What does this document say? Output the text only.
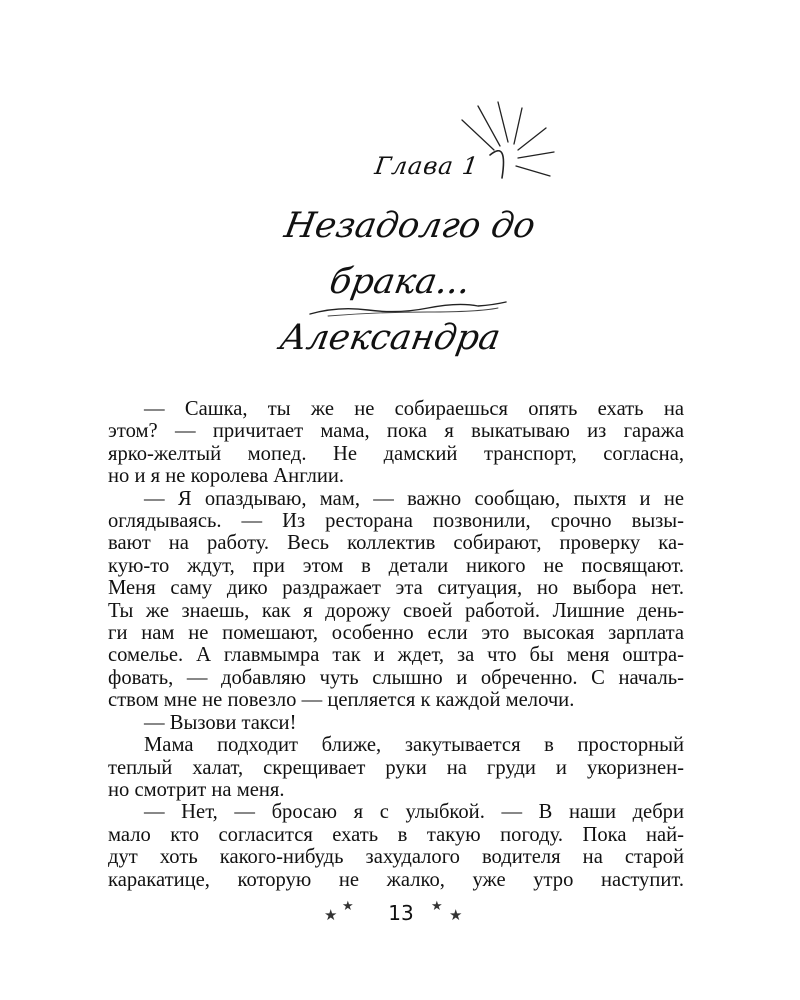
Глава 1
Незадолго до брака...
Александра

— Сашка, ты же не собираешься опять ехать на
этом? — причитает мама, пока я выкатываю из гаража
ярко-желтый мопед. Не дамский транспорт, согласна,
но и я не королева Англии.

— Я опаздываю, мам, — важно сообщаю, пыхтя и не
оглядываясь. — Из ресторана позвонили, срочно вызы-
вают на работу. Весь коллектив собирают, проверку ка-
кую-то ждут, при этом в детали никого не посвящают.
Меня саму дико раздражает эта ситуация, но выбора нет.
Ты же знаешь, как я дорожу своей работой. Лишние день-
ги нам не помешают, особенно если это высокая зарплата
сомелье. А главмымра так и ждет, за что бы меня оштра-
фовать, — добавляю чуть слышно и обреченно. С началь-
ством мне не повезло — цепляется к каждой мелочи.

— Вызови такси!

Мама подходит ближе, закутывается в просторный
теплый халат, скрещивает руки на груди и укоризнен-
но смотрит на меня.

— Нет, — бросаю я с улыбкой. — В наши дебри
мало кто согласится ехать в такую погоду. Пока най-
дут хоть какого-нибудь захудалого водителя на старой
каракатице, которую не жалко, уже утро наступит.

★ ★	13	★ ★
